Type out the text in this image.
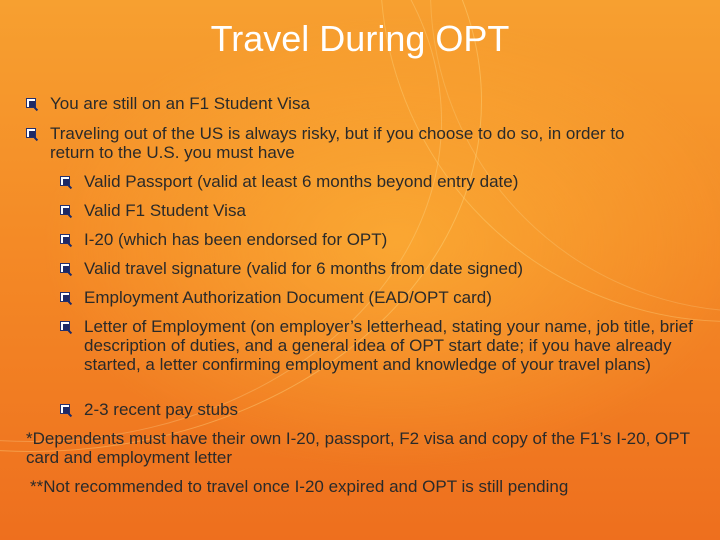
Travel During OPT
You are still on an F1 Student Visa
Traveling out of the US is always risky, but if you choose to do so, in order to return to the U.S. you must have
Valid Passport (valid at least 6 months beyond entry date)
Valid F1 Student Visa
I-20 (which has been endorsed for OPT)
Valid travel signature (valid for 6 months from date signed)
Employment Authorization Document (EAD/OPT card)
Letter of Employment (on employer’s letterhead, stating your name, job title, brief description of duties, and a general idea of OPT start date; if you have already started, a letter confirming employment and knowledge of your travel plans)
2-3 recent pay stubs
*Dependents must have their own I-20, passport, F2 visa and copy of the F1’s I-20, OPT card and employment letter
**Not recommended to travel once I-20 expired and OPT is still pending
